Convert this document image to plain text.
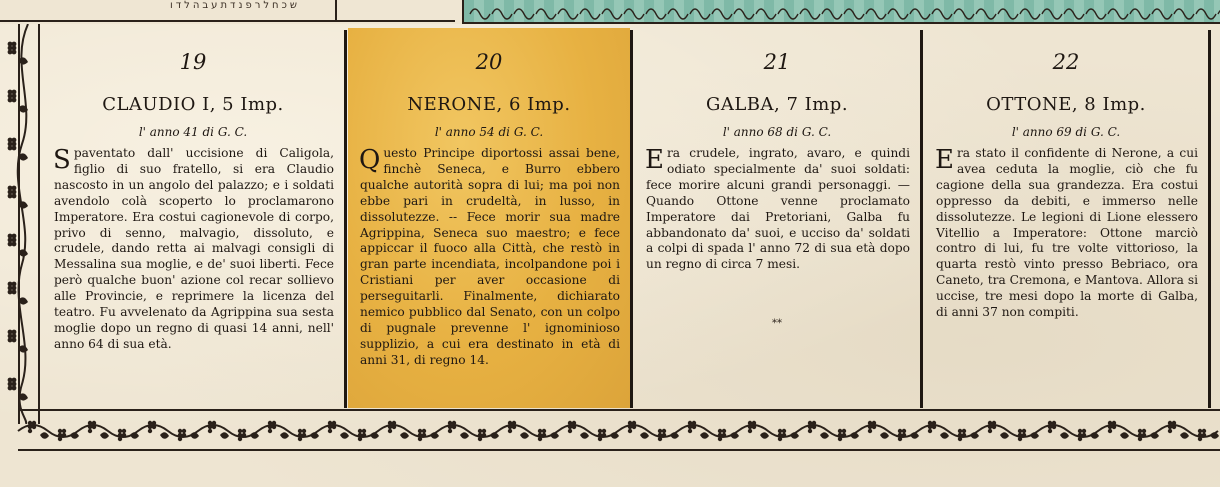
שכחלרפנדתעבהלדו
19
CLAUDIO I, 5 Imp.
l' anno 41 di G. C.
Spaventato dall' uccisione di Caligola, figlio di suo fratello, si era Claudio nascosto in un angolo del palazzo; e i soldati avendolo colà scoperto lo proclamarono Imperatore. Era costui cagionevole di corpo, privo di senno, malvagio, dissoluto, e crudele, dando retta ai malvagi consigli di Messalina sua moglie, e de' suoi liberti. Fece però qualche buon' azione col recar sollievo alle Provincie, e reprimere la licenza del teatro. Fu avvelenato da Agrippina sua sesta moglie dopo un regno di quasi 14 anni, nell' anno 64 di sua età.
20
NERONE, 6 Imp.
l' anno 54 di G. C.
Questo Principe diportossi assai bene, finchè Seneca, e Burro ebbero qualche autorità sopra di lui; ma poi non ebbe pari in crudeltà, in lusso, in dissolutezze. -- Fece morir sua madre Agrippina, Seneca suo maestro; e fece appiccar il fuoco alla Città, che restò in gran parte incendiata, incolpandone poi i Cristiani per aver occasione di perseguitarli. Finalmente, dichiarato nemico pubblico dal Senato, con un colpo di pugnale prevenne l' ignominioso supplizio, a cui era destinato in età di anni 31, di regno 14.
21
GALBA, 7 Imp.
l' anno 68 di G. C.
Era crudele, ingrato, avaro, e quindi odiato specialmente da' suoi soldati: fece morire alcuni grandi personaggi. — Quando Ottone venne proclamato Imperatore dai Pretoriani, Galba fu abbandonato da' suoi, e ucciso da' soldati a colpi di spada l' anno 72 di sua età dopo un regno di circa 7 mesi.
**
22
OTTONE, 8 Imp.
l' anno 69 di G. C.
Era stato il confidente di Nerone, a cui avea ceduta la moglie, ciò che fu cagione della sua grandezza. Era costui oppresso da debiti, e immerso nelle dissolutezze. Le legioni di Lione elessero Vitellio a Imperatore: Ottone marciò contro di lui, fu tre volte vittorioso, la quarta restò vinto presso Bebriaco, ora Caneto, tra Cremona, e Mantova. Allora si uccise, tre mesi dopo la morte di Galba, di anni 37 non compiti.
